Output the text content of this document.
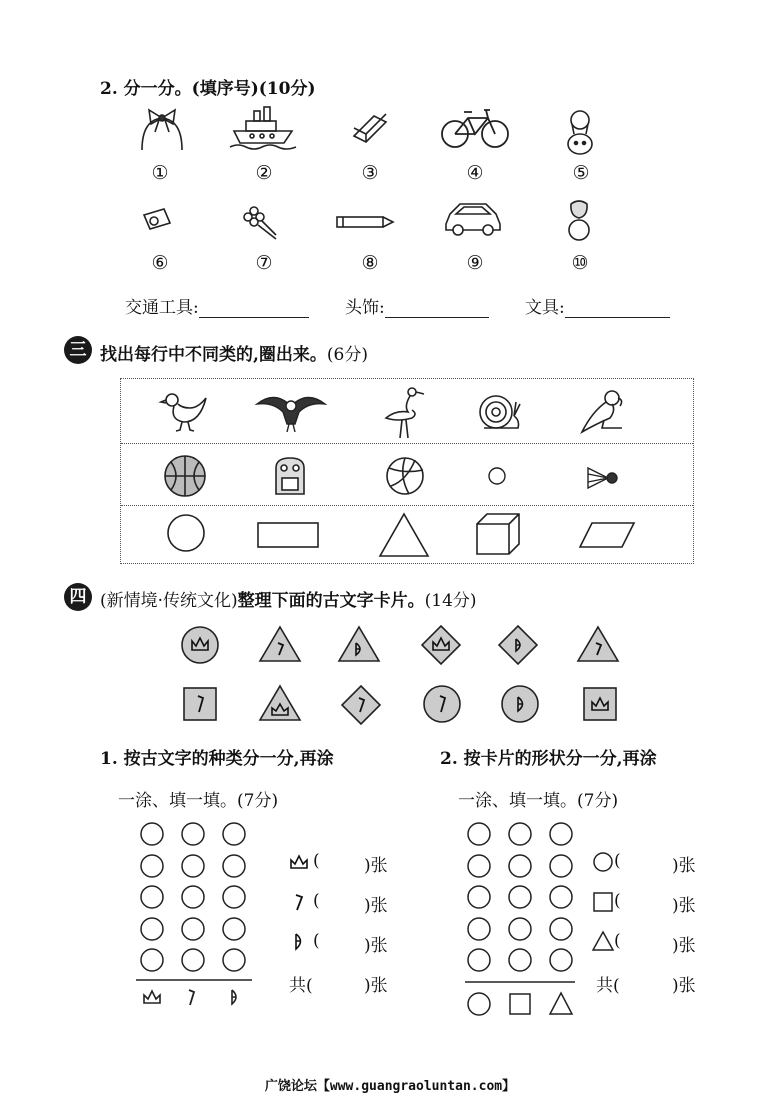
2. 分一分。(填序号)(10分)
①	②	③	④	⑤
⑥	⑦	⑧	⑨	⑩
交通工具:	头饰:	文具:
三 找出每行中不同类的,圈出来。(6分)
四 (新情境·传统文化)整理下面的古文字卡片。(14分)
1. 按古文字的种类分一分,再涂
一涂、填一填。(7分)
(	)张
(	)张
(	)张
共(	)张
2. 按卡片的形状分一分,再涂
一涂、填一填。(7分)
(	)张
(	)张
(	)张
共(	)张
广饶论坛【www.guangraoluntan.com】
